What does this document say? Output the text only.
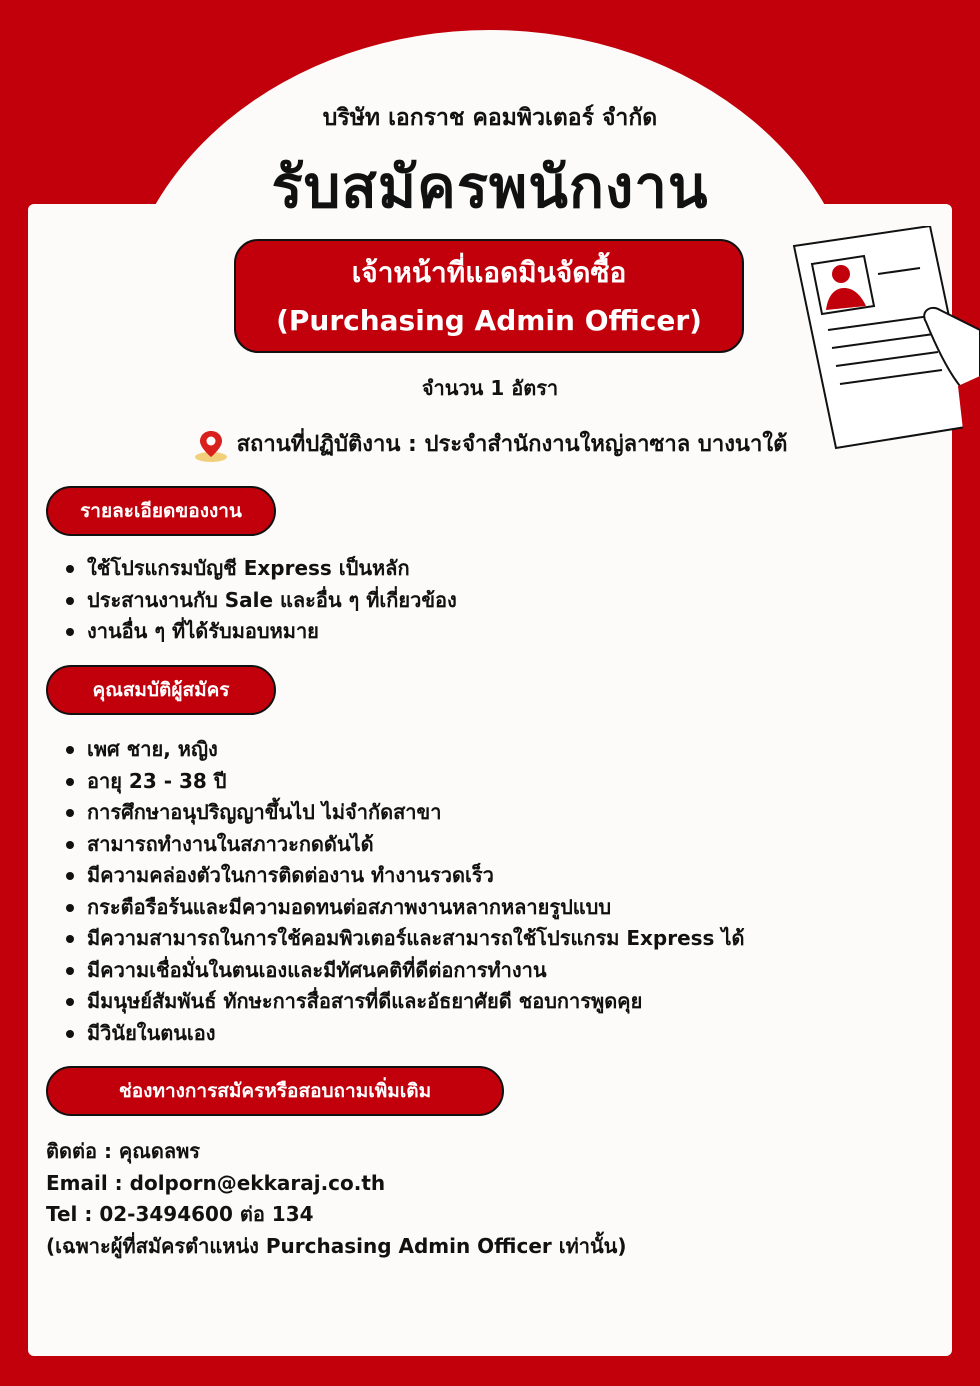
บริษัท เอกราช คอมพิวเตอร์ จำกัด
รับสมัครพนักงาน
เจ้าหน้าที่แอดมินจัดซื้อ
(Purchasing Admin Officer)
จำนวน 1 อัตรา
สถานที่ปฏิบัติงาน : ประจำสำนักงานใหญ่ลาซาล บางนาใต้
รายละเอียดของงาน
ใช้โปรแกรมบัญชี Express เป็นหลัก
ประสานงานกับ Sale และอื่น ๆ ที่เกี่ยวข้อง
งานอื่น ๆ ที่ได้รับมอบหมาย
คุณสมบัติผู้สมัคร
เพศ ชาย, หญิง
อายุ 23 - 38 ปี
การศึกษาอนุปริญญาขึ้นไป ไม่จำกัดสาขา
สามารถทำงานในสภาวะกดดันได้
มีความคล่องตัวในการติดต่องาน ทำงานรวดเร็ว
กระตือรือร้นและมีความอดทนต่อสภาพงานหลากหลายรูปแบบ
มีความสามารถในการใช้คอมพิวเตอร์และสามารถใช้โปรแกรม Express ได้
มีความเชื่อมั่นในตนเองและมีทัศนคติที่ดีต่อการทำงาน
มีมนุษย์สัมพันธ์ ทักษะการสื่อสารที่ดีและอัธยาศัยดี ชอบการพูดคุย
มีวินัยในตนเอง
ช่องทางการสมัครหรือสอบถามเพิ่มเติม
ติดต่อ : คุณดลพร
Email : dolporn@ekkaraj.co.th
Tel : 02-3494600 ต่อ 134
(เฉพาะผู้ที่สมัครตำแหน่ง Purchasing Admin Officer เท่านั้น)
